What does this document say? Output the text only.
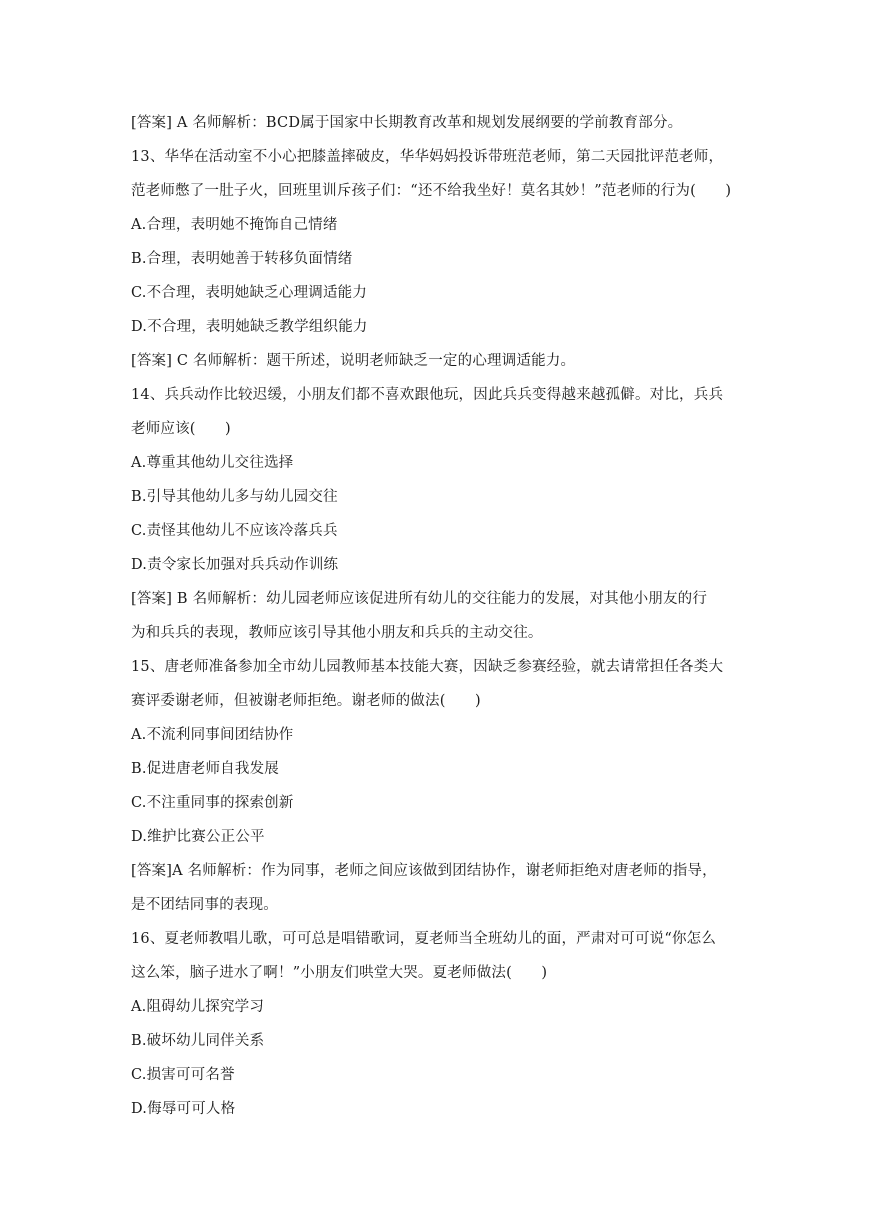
[答案] A 名师解析：BCD属于国家中长期教育改革和规划发展纲要的学前教育部分。
13、华华在活动室不小心把膝盖摔破皮，华华妈妈投诉带班范老师，第二天园批评范老师，
范老师憋了一肚子火，回班里训斥孩子们：“还不给我坐好！莫名其妙！”范老师的行为(　　)
A.合理，表明她不掩饰自己情绪
B.合理，表明她善于转移负面情绪
C.不合理，表明她缺乏心理调适能力
D.不合理，表明她缺乏教学组织能力
[答案] C 名师解析：题干所述，说明老师缺乏一定的心理调适能力。
14、兵兵动作比较迟缓，小朋友们都不喜欢跟他玩，因此兵兵变得越来越孤僻。对比，兵兵
老师应该(　　)
A.尊重其他幼儿交往选择
B.引导其他幼儿多与幼儿园交往
C.责怪其他幼儿不应该冷落兵兵
D.责令家长加强对兵兵动作训练
[答案] B 名师解析：幼儿园老师应该促进所有幼儿的交往能力的发展，对其他小朋友的行
为和兵兵的表现，教师应该引导其他小朋友和兵兵的主动交往。
15、唐老师准备参加全市幼儿园教师基本技能大赛，因缺乏参赛经验，就去请常担任各类大
赛评委谢老师，但被谢老师拒绝。谢老师的做法(　　)
A.不流利同事间团结协作
B.促进唐老师自我发展
C.不注重同事的探索创新
D.维护比赛公正公平
[答案]A 名师解析：作为同事，老师之间应该做到团结协作，谢老师拒绝对唐老师的指导，
是不团结同事的表现。
16、夏老师教唱儿歌，可可总是唱错歌词，夏老师当全班幼儿的面，严肃对可可说“你怎么
这么笨，脑子进水了啊！”小朋友们哄堂大哭。夏老师做法(　　)
A.阻碍幼儿探究学习
B.破坏幼儿同伴关系
C.损害可可名誉
D.侮辱可可人格
